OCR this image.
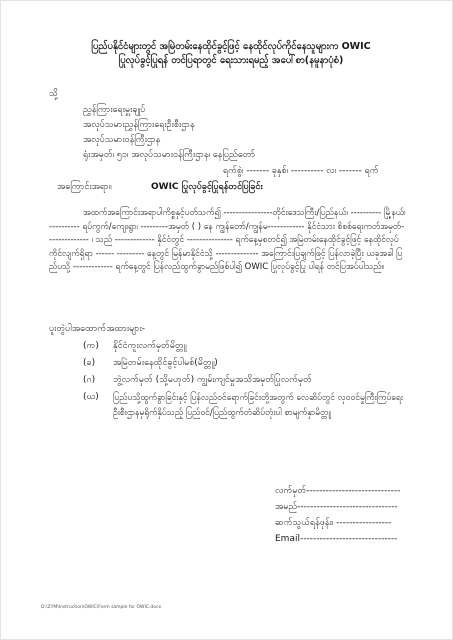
ပြည်ပနိုင်ငံများတွင် အမြဲတမ်းနေထိုင်ခွင့်ဖြင့် နေထိုင်လုပ်ကိုင်နေသူများက OWIC
ပြုလုပ်ခွင့်ပြုရန် တင်ပြရာတွင် ရေးသားရမည့် အပေါ်စာ(နမူနာပုံစံ)
သို့
ညွှန်ကြားရေးမှူးချုပ်
အလုပ်သမားညွှန်ကြားရေးဦးစီးဌာန
အလုပ်သမားဝန်ကြီးဌာန
ရုံးအမှတ်၊ ၅၁၊ အလုပ်သမားဝန်ကြီးဌာန၊ နေပြည်တော်
ရက်စွဲ၊ ------- ခုနှစ်၊ ---------- လ၊ ------- ရက်
အကြောင်းအရာ။	OWIC ပြုလုပ်ခွင့်ပြုရန်တင်ပြခြင်း
အထက်အကြောင်းအရာပါကိစ္စနှင့်ပတ်သက်၍ ----------------တိုင်းဒေသကြီး/ပြည်နယ်၊ ---------- မြို့နယ်၊ ---------- ရပ်ကွက်/ကျေးရွာ၊ ---------အမှတ် ( ) နေ ကျွန်တော်/ကျွန်မ------------ နိုင်ငံသား စိစစ်ရေးကတ်အမှတ်-------------- ၊ သည် ------------- နိုင်ငံတွင် --------------- ရက်နေ့မှစတင်၍ အမြဲတမ်းနေထိုင်ခွင့်ဖြင့် နေထိုင်လုပ်ကိုင်လျက်ရှိရာ ------ --------- နေ့တွင် မြန်မာနိုင်ငံသို့ -------------- အကြောင်းပြချက်ဖြင့် ပြန်လာခဲ့ပြီး ယခုအခါ ပြည်ပသို့ ------------- ရက်နေ့တွင် ပြန်လည်ထွက်ခွာမည်ဖြစ်ပါ၍ OWIC ပြုလုပ်ခွင့်ပြု ပါရန် တင်ပြအပ်ပါသည်။
ပူးတွဲပါအထောက်အထားများ-
(က) နိုင်ငံကူးလက်မှတ်မိတ္တူ
(ခ) အမြဲတမ်းနေထိုင်ခွင့်ပါမစ်(မိတ္တူ)
(ဂ) ဘွဲ့လက်မှတ် (သို့မဟုတ်) ကျွမ်းကျင်မှုအသိအမှတ်ပြုလက်မှတ်
(ဃ)	ပြည်ပသို့ထွက်ခွာခြင်းနှင့် ပြန်လည်ဝင်ရောက်ခြင်းတို့အတွက် လေဆိပ်တွင် လုဝဝင်မှုကြီးကြပ်ရေးဦးစီးဌာနမှရိုက်နှိပ်သည့် ပြည်ဝင်/ပြည်ထွက်တံဆိပ်တုံးပါ စာမျက်နှာမိတ္တူ
လက်မှတ်-----------------------------
အမည်-------------------------------
ဆက်သွယ်ရန်ဖုန်း၊ -----------------
Email------------------------------
D:\ZYM\Instruction\OWIC\Form sample for OWIC.docx
